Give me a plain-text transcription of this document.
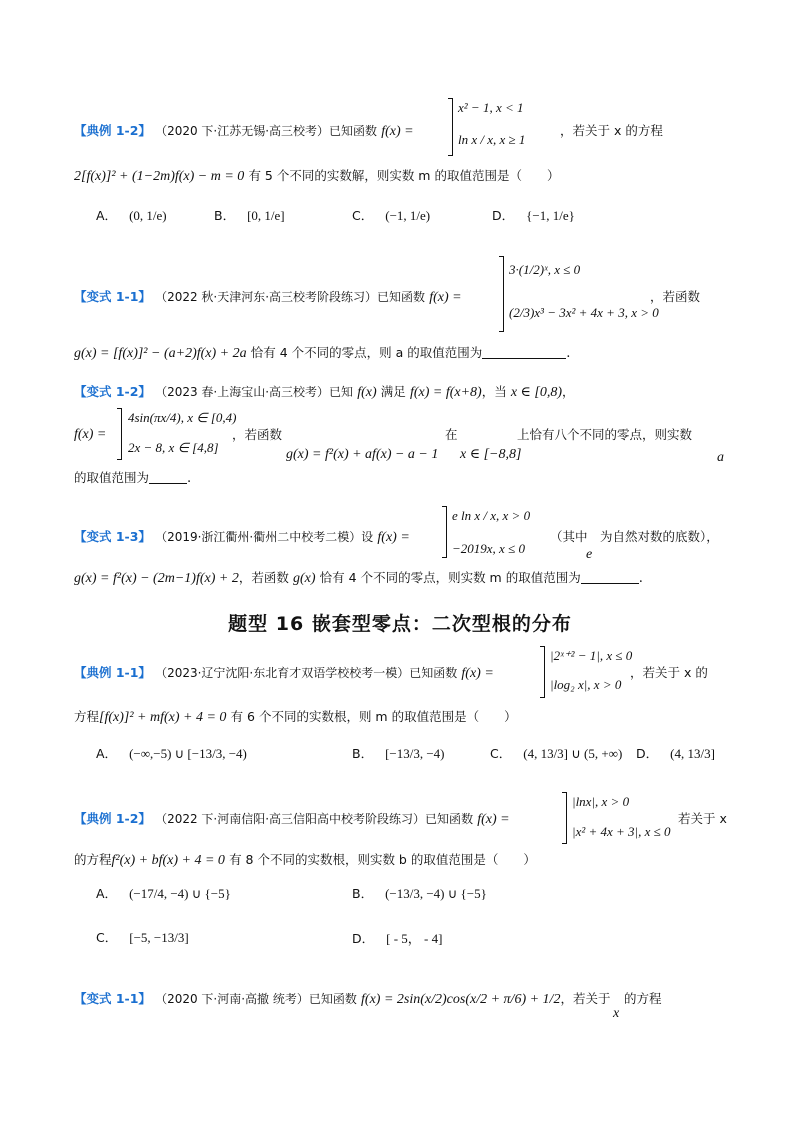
【典例 1-2】 （2020 下·江苏无锡·高三校考）已知函数 f(x) =
x² − 1, x < 1
ln x / x, x ≥ 1
，若关于 x 的方程
2[f(x)]² + (1−2m)f(x) − m = 0 有 5 个不同的实数解，则实数 m 的取值范围是（　　）
A． (0, 1/e)	B． [0, 1/e]	C． (−1, 1/e)	D． {−1, 1/e}
【变式 1-1】 （2022 秋·天津河东·高三校考阶段练习）已知函数 f(x) =
3·(1/2)ˣ, x ≤ 0
(2/3)x³ − 3x² + 4x + 3, x > 0
，若函数
g(x) = [f(x)]² − (a+2)f(x) + 2a 恰有 4 个不同的零点，则 a 的取值范围为	.
【变式 1-2】 （2023 春·上海宝山·高三校考）已知 f(x) 满足 f(x) = f(x+8)，当 x ∈ [0,8)，
f(x) =
4sin(πx/4), x ∈ [0,4)
2x − 8, x ∈ [4,8]
，若函数
g(x) = f²(x) + af(x) − a − 1
在
x ∈ [−8,8]
上恰有八个不同的零点，则实数
a
的取值范围为	.
【变式 1-3】 （2019·浙江衢州·衢州二中校考二模）设 f(x) =
e ln x / x, x > 0
−2019x, x ≤ 0
（其中　为自然对数的底数），
e
g(x) = f²(x) − (2m−1)f(x) + 2，若函数 g(x) 恰有 4 个不同的零点，则实数 m 的取值范围为	.
题型 16 嵌套型零点：二次型根的分布
【典例 1-1】 （2023·辽宁沈阳·东北育才双语学校校考一模）已知函数 f(x) =
|2ˣ⁺² − 1|, x ≤ 0
|log₂ x|, x > 0
，若关于 x 的
方程[f(x)]² + mf(x) + 4 = 0 有 6 个不同的实数根，则 m 的取值范围是（　　）
A． (−∞,−5) ∪ [−13/3, −4)	B． [−13/3, −4)	C． (4, 13/3] ∪ (5, +∞) D． (4, 13/3]
【典例 1-2】 （2022 下·河南信阳·高三信阳高中校考阶段练习）已知函数 f(x) =
|lnx|, x > 0
|x² + 4x + 3|, x ≤ 0
若关于 x
的方程f²(x) + bf(x) + 4 = 0 有 8 个不同的实数根，则实数 b 的取值范围是（　　）
A． (−17/4, −4) ∪ {−5}	B． (−13/3, −4) ∪ {−5}
C． [−5, −13/3]	D． [ - 5， - 4]
【变式 1-1】 （2020 下·河南·高撤 统考）已知函数 f(x) = 2sin(x/2)cos(x/2 + π/6) + 1/2，若关于
x
的方程
